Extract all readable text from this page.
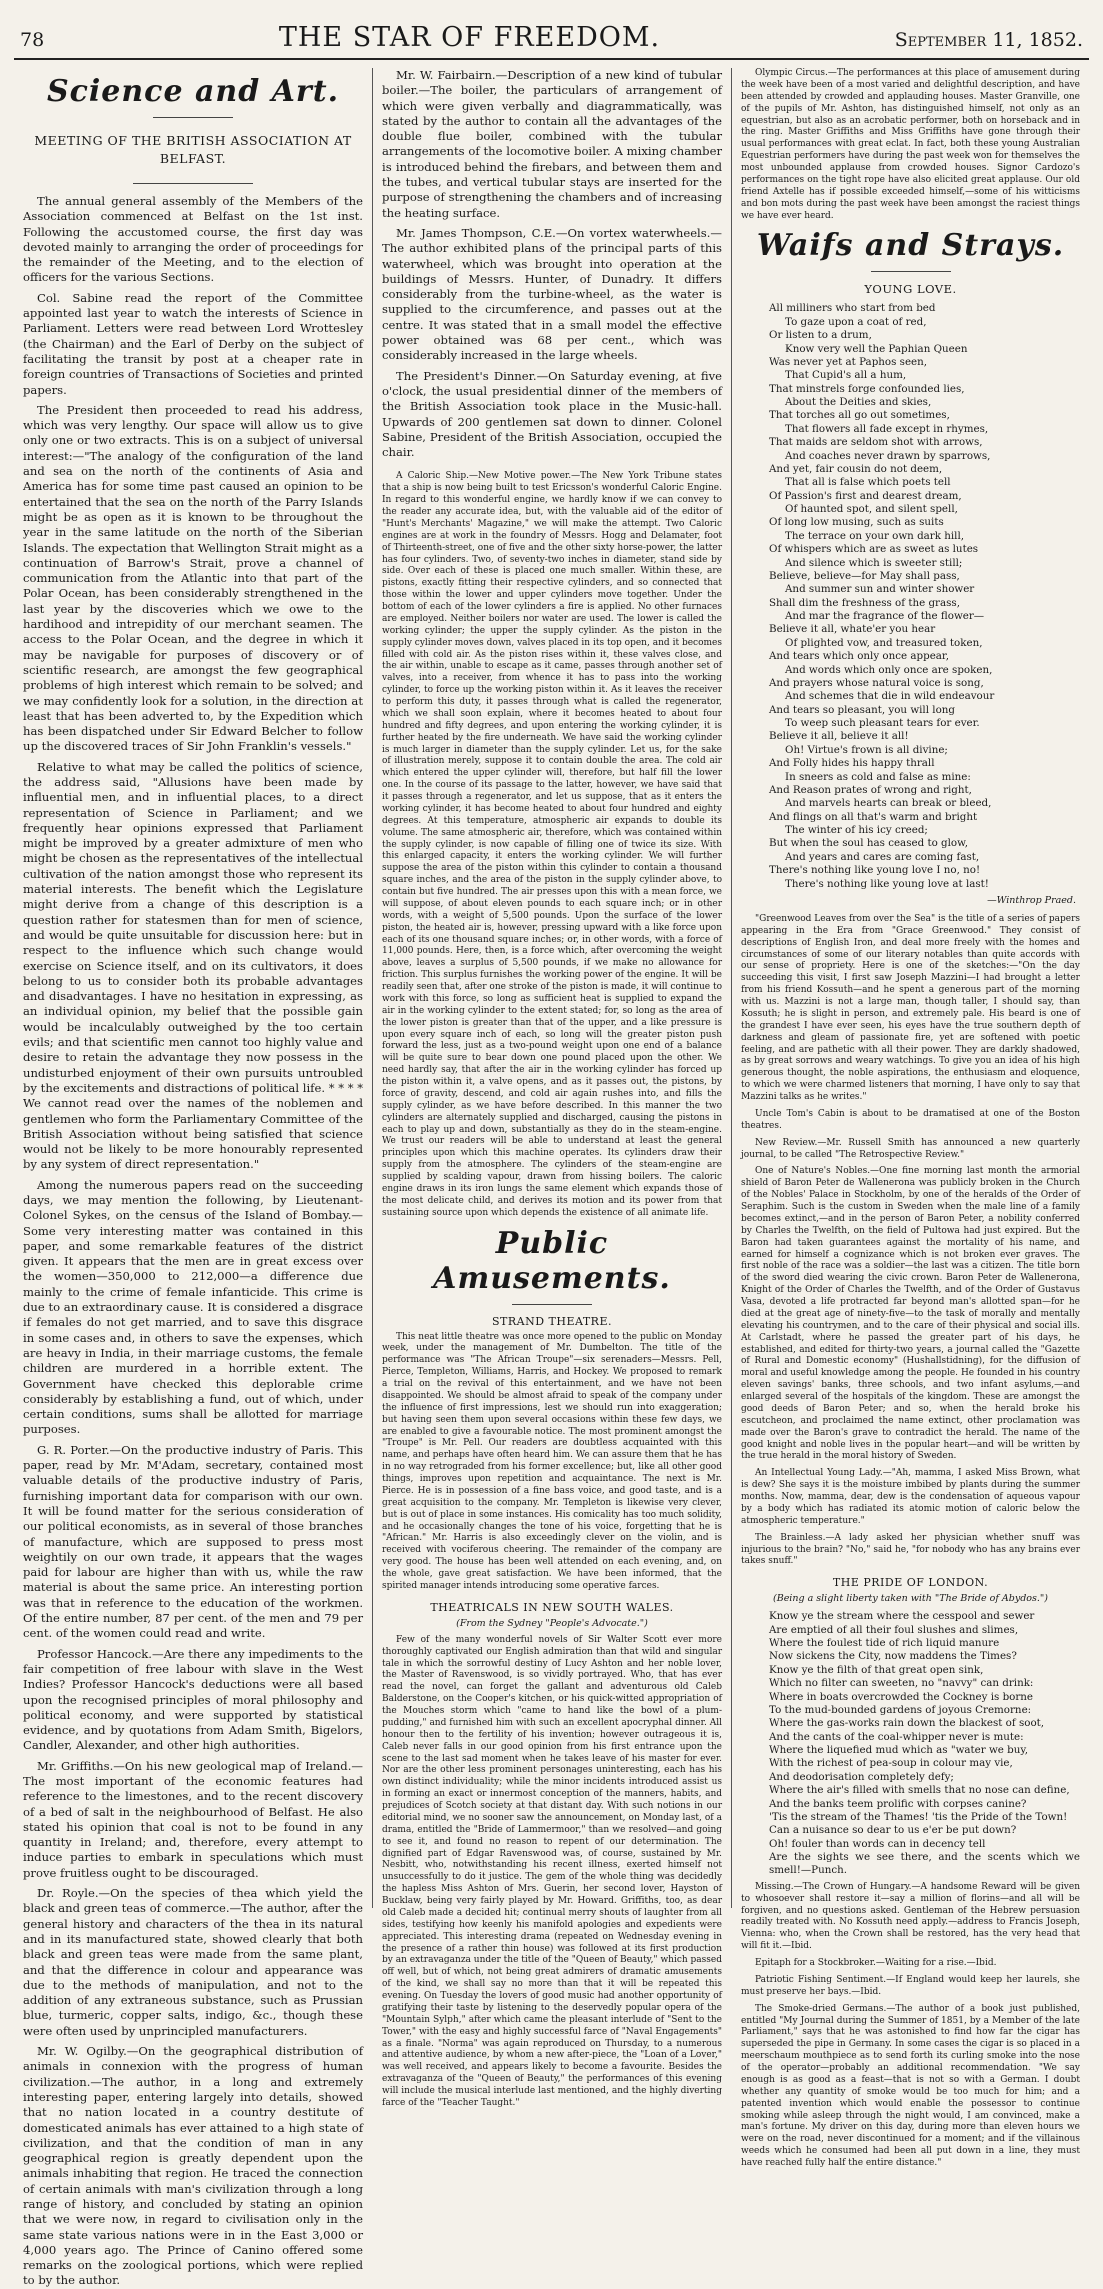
78	THE STAR OF FREEDOM.	September 11, 1852.
Science and Art.
MEETING OF THE BRITISH ASSOCIATION AT BELFAST.

The annual general assembly of the Members of the Association commenced at Belfast on the 1st inst. Following the accustomed course, the first day was devoted mainly to arranging the order of proceedings for the remainder of the Meeting, and to the election of officers for the various Sections.

Col. Sabine read the report of the Committee appointed last year to watch the interests of Science in Parliament. Letters were read between Lord Wrottesley (the Chairman) and the Earl of Derby on the subject of facilitating the transit by post at a cheaper rate in foreign countries of Transactions of Societies and printed papers.

The President then proceeded to read his address, which was very lengthy. Our space will allow us to give only one or two extracts. This is on a subject of universal interest:—"The analogy of the configuration of the land and sea on the north of the continents of Asia and America has for some time past caused an opinion to be entertained that the sea on the north of the Parry Islands might be as open as it is known to be throughout the year in the same latitude on the north of the Siberian Islands. The expectation that Wellington Strait might as a continuation of Barrow's Strait, prove a channel of communication from the Atlantic into that part of the Polar Ocean, has been considerably strengthened in the last year by the discoveries which we owe to the hardihood and intrepidity of our merchant seamen. The access to the Polar Ocean, and the degree in which it may be navigable for purposes of discovery or of scientific research, are amongst the few geographical problems of high interest which remain to be solved; and we may confidently look for a solution, in the direction at least that has been adverted to, by the Expedition which has been dispatched under Sir Edward Belcher to follow up the discovered traces of Sir John Franklin's vessels."

Relative to what may be called the politics of science, the address said, "Allusions have been made by influential men, and in influential places, to a direct representation of Science in Parliament; and we frequently hear opinions expressed that Parliament might be improved by a greater admixture of men who might be chosen as the representatives of the intellectual cultivation of the nation amongst those who represent its material interests. The benefit which the Legislature might derive from a change of this description is a question rather for statesmen than for men of science, and would be quite unsuitable for discussion here: but in respect to the influence which such change would exercise on Science itself, and on its cultivators, it does belong to us to consider both its probable advantages and disadvantages. I have no hesitation in expressing, as an individual opinion, my belief that the possible gain would be incalculably outweighed by the too certain evils; and that scientific men cannot too highly value and desire to retain the advantage they now possess in the undisturbed enjoyment of their own pursuits untroubled by the excitements and distractions of political life. * * * * We cannot read over the names of the noblemen and gentlemen who form the Parliamentary Committee of the British Association without being satisfied that science would not be likely to be more honourably represented by any system of direct representation."

Among the numerous papers read on the succeeding days, we may mention the following, by Lieutenant-Colonel Sykes, on the census of the Island of Bombay.—Some very interesting matter was contained in this paper, and some remarkable features of the district given. It appears that the men are in great excess over the women—350,000 to 212,000—a difference due mainly to the crime of female infanticide. This crime is due to an extraordinary cause. It is considered a disgrace if females do not get married, and to save this disgrace in some cases and, in others to save the expenses, which are heavy in India, in their marriage customs, the female children are murdered in a horrible extent. The Government have checked this deplorable crime considerably by establishing a fund, out of which, under certain conditions, sums shall be allotted for marriage purposes.

G. R. Porter.—On the productive industry of Paris. This paper, read by Mr. M'Adam, secretary, contained most valuable details of the productive industry of Paris, furnishing important data for comparison with our own. It will be found matter for the serious consideration of our political economists, as in several of those branches of manufacture, which are supposed to press most weightily on our own trade, it appears that the wages paid for labour are higher than with us, while the raw material is about the same price. An interesting portion was that in reference to the education of the workmen. Of the entire number, 87 per cent. of the men and 79 per cent. of the women could read and write.

Professor Hancock.—Are there any impediments to the fair competition of free labour with slave in the West Indies? Professor Hancock's deductions were all based upon the recognised principles of moral philosophy and political economy, and were supported by statistical evidence, and by quotations from Adam Smith, Bigelors, Candler, Alexander, and other high authorities.

Mr. Griffiths.—On his new geological map of Ireland.—The most important of the economic features had reference to the limestones, and to the recent discovery of a bed of salt in the neighbourhood of Belfast. He also stated his opinion that coal is not to be found in any quantity in Ireland; and, therefore, every attempt to induce parties to embark in speculations which must prove fruitless ought to be discouraged.

Dr. Royle.—On the species of thea which yield the black and green teas of commerce.—The author, after the general history and characters of the thea in its natural and in its manufactured state, showed clearly that both black and green teas were made from the same plant, and that the difference in colour and appearance was due to the methods of manipulation, and not to the addition of any extraneous substance, such as Prussian blue, turmeric, copper salts, indigo, &c., though these were often used by unprincipled manufacturers.

Mr. W. Ogilby.—On the geographical distribution of animals in connexion with the progress of human civilization.—The author, in a long and extremely interesting paper, entering largely into details, showed that no nation located in a country destitute of domesticated animals has ever attained to a high state of civilization, and that the condition of man in any geographical region is greatly dependent upon the animals inhabiting that region. He traced the connection of certain animals with man's civilization through a long range of history, and concluded by stating an opinion that we were now, in regard to civilisation only in the same state various nations were in in the East 3,000 or 4,000 years ago. The Prince of Canino offered some remarks on the zoological portions, which were replied to by the author.

Mr. W. Fairbairn.—Description of a new kind of tubular boiler.—The boiler, the particulars of arrangement of which were given verbally and diagrammatically, was stated by the author to contain all the advantages of the double flue boiler, combined with the tubular arrangements of the locomotive boiler. A mixing chamber is introduced behind the firebars, and between them and the tubes, and vertical tubular stays are inserted for the purpose of strengthening the chambers and of increasing the heating surface.

Mr. James Thompson, C.E.—On vortex waterwheels.—The author exhibited plans of the principal parts of this waterwheel, which was brought into operation at the buildings of Messrs. Hunter, of Dunadry. It differs considerably from the turbine-wheel, as the water is supplied to the circumference, and passes out at the centre. It was stated that in a small model the effective power obtained was 68 per cent., which was considerably increased in the large wheels.

The President's Dinner.—On Saturday evening, at five o'clock, the usual presidential dinner of the members of the British Association took place in the Music-hall. Upwards of 200 gentlemen sat down to dinner. Colonel Sabine, President of the British Association, occupied the chair.

A Caloric Ship.—New Motive power.—The New York Tribune states that a ship is now being built to test Ericsson's wonderful Caloric Engine. In regard to this wonderful engine, we hardly know if we can convey to the reader any accurate idea, but, with the valuable aid of the editor of "Hunt's Merchants' Magazine," we will make the attempt. Two Caloric engines are at work in the foundry of Messrs. Hogg and Delamater, foot of Thirteenth-street, one of five and the other sixty horse-power, the latter has four cylinders. Two, of seventy-two inches in diameter, stand side by side. Over each of these is placed one much smaller. Within these, are pistons, exactly fitting their respective cylinders, and so connected that those within the lower and upper cylinders move together. Under the bottom of each of the lower cylinders a fire is applied. No other furnaces are employed. Neither boilers nor water are used. The lower is called the working cylinder; the upper the supply cylinder. As the piston in the supply cylinder moves down, valves placed in its top open, and it becomes filled with cold air. As the piston rises within it, these valves close, and the air within, unable to escape as it came, passes through another set of valves, into a receiver, from whence it has to pass into the working cylinder, to force up the working piston within it. As it leaves the receiver to perform this duty, it passes through what is called the regenerator, which we shall soon explain, where it becomes heated to about four hundred and fifty degrees, and upon entering the working cylinder, it is further heated by the fire underneath. We have said the working cylinder is much larger in diameter than the supply cylinder. Let us, for the sake of illustration merely, suppose it to contain double the area. The cold air which entered the upper cylinder will, therefore, but half fill the lower one. In the course of its passage to the latter, however, we have said that it passes through a regenerator, and let us suppose, that as it enters the working cylinder, it has become heated to about four hundred and eighty degrees. At this temperature, atmospheric air expands to double its volume. The same atmospheric air, therefore, which was contained within the supply cylinder, is now capable of filling one of twice its size. With this enlarged capacity, it enters the working cylinder. We will further suppose the area of the piston within this cylinder to contain a thousand square inches, and the area of the piston in the supply cylinder above, to contain but five hundred. The air presses upon this with a mean force, we will suppose, of about eleven pounds to each square inch; or in other words, with a weight of 5,500 pounds. Upon the surface of the lower piston, the heated air is, however, pressing upward with a like force upon each of its one thousand square inches; or, in other words, with a force of 11,000 pounds. Here, then, is a force which, after overcoming the weight above, leaves a surplus of 5,500 pounds, if we make no allowance for friction. This surplus furnishes the working power of the engine. It will be readily seen that, after one stroke of the piston is made, it will continue to work with this force, so long as sufficient heat is supplied to expand the air in the working cylinder to the extent stated; for, so long as the area of the lower piston is greater than that of the upper, and a like pressure is upon every square inch of each, so long will the greater piston push forward the less, just as a two-pound weight upon one end of a balance will be quite sure to bear down one pound placed upon the other. We need hardly say, that after the air in the working cylinder has forced up the piston within it, a valve opens, and as it passes out, the pistons, by force of gravity, descend, and cold air again rushes into, and fills the supply cylinder, as we have before described. In this manner the two cylinders are alternately supplied and discharged, causing the pistons in each to play up and down, substantially as they do in the steam-engine. We trust our readers will be able to understand at least the general principles upon which this machine operates. Its cylinders draw their supply from the atmosphere. The cylinders of the steam-engine are supplied by scalding vapour, drawn from hissing boilers. The caloric engine draws in its iron lungs the same element which expands those of the most delicate child, and derives its motion and its power from that sustaining source upon which depends the existence of all animate life.

Public Amusements.
STRAND THEATRE.

This neat little theatre was once more opened to the public on Monday week, under the management of Mr. Dumbelton. The title of the performance was "The African Troupe"—six serenaders—Messrs. Pell, Pierce, Templeton, Williams, Harris, and Hockey. We proposed to remark a trial on the revival of this entertainment, and we have not been disappointed. We should be almost afraid to speak of the company under the influence of first impressions, lest we should run into exaggeration; but having seen them upon several occasions within these few days, we are enabled to give a favourable notice. The most prominent amongst the "Troupe" is Mr. Pell. Our readers are doubtless acquainted with this name, and perhaps have often heard him. We can assure them that he has in no way retrograded from his former excellence; but, like all other good things, improves upon repetition and acquaintance. The next is Mr. Pierce. He is in possession of a fine bass voice, and good taste, and is a great acquisition to the company. Mr. Templeton is likewise very clever, but is out of place in some instances. His comicality has too much solidity, and he occasionally changes the tone of his voice, forgetting that he is "African." Mr. Harris is also exceedingly clever on the violin, and is received with vociferous cheering. The remainder of the company are very good. The house has been well attended on each evening, and, on the whole, gave great satisfaction. We have been informed, that the spirited manager intends introducing some operative farces.

THEATRICALS IN NEW SOUTH WALES.
(From the Sydney "People's Advocate.")

Few of the many wonderful novels of Sir Walter Scott ever more thoroughly captivated our English admiration than that wild and singular tale in which the sorrowful destiny of Lucy Ashton and her noble lover, the Master of Ravenswood, is so vividly portrayed. Who, that has ever read the novel, can forget the gallant and adventurous old Caleb Balderstone, on the Cooper's kitchen, or his quick-witted appropriation of the Mouches storm which "came to hand like the bowl of a plum-pudding," and furnished him with such an excellent apocryphal dinner. All honour then to the fertility of his invention; however outrageous it is, Caleb never falls in our good opinion from his first entrance upon the scene to the last sad moment when he takes leave of his master for ever. Nor are the other less prominent personages uninteresting, each has his own distinct individuality; while the minor incidents introduced assist us in forming an exact or innermost conception of the manners, habits, and prejudices of Scotch society at that distant day. With such notions in our editorial mind, we no sooner saw the announcement, on Monday last, of a drama, entitled the "Bride of Lammermoor," than we resolved—and going to see it, and found no reason to repent of our determination. The dignified part of Edgar Ravenswood was, of course, sustained by Mr. Nesbitt, who, notwithstanding his recent illness, exerted himself not unsuccessfully to do it justice. The gem of the whole thing was decidedly the hapless Miss Ashton of Mrs. Guerin, her second lover, Hayston of Bucklaw, being very fairly played by Mr. Howard. Griffiths, too, as dear old Caleb made a decided hit; continual merry shouts of laughter from all sides, testifying how keenly his manifold apologies and expedients were appreciated. This interesting drama (repeated on Wednesday evening in the presence of a rather thin house) was followed at its first production by an extravaganza under the title of the "Queen of Beauty," which passed off well, but of which, not being great admirers of dramatic amusements of the kind, we shall say no more than that it will be repeated this evening. On Tuesday the lovers of good music had another opportunity of gratifying their taste by listening to the deservedly popular opera of the "Mountain Sylph," after which came the pleasant interlude of "Sent to the Tower," with the easy and highly successful farce of "Naval Engagements" as a finale. "Norma" was again reproduced on Thursday, to a numerous and attentive audience, by whom a new after-piece, the "Loan of a Lover," was well received, and appears likely to become a favourite. Besides the extravaganza of the "Queen of Beauty," the performances of this evening will include the musical interlude last mentioned, and the highly diverting farce of the "Teacher Taught."

Olympic Circus.—The performances at this place of amusement during the week have been of a most varied and delightful description, and have been attended by crowded and applauding houses. Master Granville, one of the pupils of Mr. Ashton, has distinguished himself, not only as an equestrian, but also as an acrobatic performer, both on horseback and in the ring. Master Griffiths and Miss Griffiths have gone through their usual performances with great eclat. In fact, both these young Australian Equestrian performers have during the past week won for themselves the most unbounded applause from crowded houses. Signor Cardozo's performances on the tight rope have also elicited great applause. Our old friend Axtelle has if possible exceeded himself,—some of his witticisms and bon mots during the past week have been amongst the raciest things we have ever heard.

Waifs and Strays.
YOUNG LOVE.
All milliners who start from bed
To gaze upon a coat of red,
Or listen to a drum,
Know very well the Paphian Queen
Was never yet at Paphos seen,
That Cupid's all a hum,
That minstrels forge confounded lies,
About the Deities and skies,
That torches all go out sometimes,
That flowers all fade except in rhymes,
That maids are seldom shot with arrows,
And coaches never drawn by sparrows,
And yet, fair cousin do not deem,
That all is false which poets tell
Of Passion's first and dearest dream,
Of haunted spot, and silent spell,
Of long low musing, such as suits
The terrace on your own dark hill,
Of whispers which are as sweet as lutes
And silence which is sweeter still;
Believe, believe—for May shall pass,
And summer sun and winter shower
Shall dim the freshness of the grass,
And mar the fragrance of the flower—
Believe it all, whate'er you hear
Of plighted vow, and treasured token,
And tears which only once appear,
And words which only once are spoken,
And prayers whose natural voice is song,
And schemes that die in wild endeavour
And tears so pleasant, you will long
To weep such pleasant tears for ever.
Believe it all, believe it all!
Oh! Virtue's frown is all divine;
And Folly hides his happy thrall
In sneers as cold and false as mine:
And Reason prates of wrong and right,
And marvels hearts can break or bleed,
And flings on all that's warm and bright
The winter of his icy creed;
But when the soul has ceased to glow,
And years and cares are coming fast,
There's nothing like young love I no, no!
There's nothing like young love at last!
—Winthrop Praed.

"Greenwood Leaves from over the Sea" is the title of a series of papers appearing in the Era from "Grace Greenwood." They consist of descriptions of English Iron, and deal more freely with the homes and circumstances of some of our literary notables than quite accords with our sense of propriety. Here is one of the sketches:—"On the day succeeding this visit, I first saw Joseph Mazzini—I had brought a letter from his friend Kossuth—and he spent a generous part of the morning with us. Mazzini is not a large man, though taller, I should say, than Kossuth; he is slight in person, and extremely pale. His beard is one of the grandest I have ever seen, his eyes have the true southern depth of darkness and gleam of passionate fire, yet are softened with poetic feeling, and are pathetic with all their power. They are darkly shadowed, as by great sorrows and weary watchings. To give you an idea of his high generous thought, the noble aspirations, the enthusiasm and eloquence, to which we were charmed listeners that morning, I have only to say that Mazzini talks as he writes."

Uncle Tom's Cabin is about to be dramatised at one of the Boston theatres.

New Review.—Mr. Russell Smith has announced a new quarterly journal, to be called "The Retrospective Review."

One of Nature's Nobles.—One fine morning last month the armorial shield of Baron Peter de Wallenerona was publicly broken in the Church of the Nobles' Palace in Stockholm, by one of the heralds of the Order of Seraphim. Such is the custom in Sweden when the male line of a family becomes extinct,—and in the person of Baron Peter, a nobility conferred by Charles the Twelfth, on the field of Pultowa had just expired. But the Baron had taken guarantees against the mortality of his name, and earned for himself a cognizance which is not broken ever graves. The first noble of the race was a soldier—the last was a citizen. The title born of the sword died wearing the civic crown. Baron Peter de Wallenerona, Knight of the Order of Charles the Twelfth, and of the Order of Gustavus Vasa, devoted a life protracted far beyond man's allotted span—for he died at the great age of ninety-five—to the task of morally and mentally elevating his countrymen, and to the care of their physical and social ills. At Carlstadt, where he passed the greater part of his days, he established, and edited for thirty-two years, a journal called the "Gazette of Rural and Domestic economy" (Hushallstidning), for the diffusion of moral and useful knowledge among the people. He founded in his country eleven savings' banks, three schools, and two infant asylums,—and enlarged several of the hospitals of the kingdom. These are amongst the good deeds of Baron Peter; and so, when the herald broke his escutcheon, and proclaimed the name extinct, other proclamation was made over the Baron's grave to contradict the herald. The name of the good knight and noble lives in the popular heart—and will be written by the true herald in the moral history of Sweden.

An Intellectual Young Lady.—"Ah, mamma, I asked Miss Brown, what is dew? She says it is the moisture imbibed by plants during the summer months. Now, mamma, dear, dew is the condensation of aqueous vapour by a body which has radiated its atomic motion of caloric below the atmospheric temperature."

The Brainless.—A lady asked her physician whether snuff was injurious to the brain? "No," said he, "for nobody who has any brains ever takes snuff."

THE PRIDE OF LONDON.
(Being a slight liberty taken with "The Bride of Abydos.")
Know ye the stream where the cesspool and sewer
Are emptied of all their foul slushes and slimes,
Where the foulest tide of rich liquid manure
Now sickens the City, now maddens the Times?
Know ye the filth of that great open sink,
Which no filter can sweeten, no "navvy" can drink:
Where in boats overcrowded the Cockney is borne
To the mud-bounded gardens of joyous Cremorne:
Where the gas-works rain down the blackest of soot,
And the cants of the coal-whipper never is mute:
Where the liquefied mud which as "water we buy,
With the richest of pea-soup in colour may vie,
And deodorisation completely defy;
Where the air's filled with smells that no nose can define,
And the banks teem prolific with corpses canine?
'Tis the stream of the Thames! 'tis the Pride of the Town!
Can a nuisance so dear to us e'er be put down?
Oh! fouler than words can in decency tell
Are the sights we see there, and the scents which we smell!—Punch.

Missing.—The Crown of Hungary.—A handsome Reward will be given to whosoever shall restore it—say a million of florins—and all will be forgiven, and no questions asked. Gentleman of the Hebrew persuasion readily treated with. No Kossuth need apply.—address to Francis Joseph, Vienna: who, when the Crown shall be restored, has the very head that will fit it.—Ibid.

Epitaph for a Stockbroker.—Waiting for a rise.—Ibid.

Patriotic Fishing Sentiment.—If England would keep her laurels, she must preserve her bays.—Ibid.

The Smoke-dried Germans.—The author of a book just published, entitled "My Journal during the Summer of 1851, by a Member of the late Parliament," says that he was astonished to find how far the cigar has superseded the pipe in Germany. In some cases the cigar is so placed in a meerschaum mouthpiece as to send forth its curling smoke into the nose of the operator—probably an additional recommendation. "We say enough is as good as a feast—that is not so with a German. I doubt whether any quantity of smoke would be too much for him; and a patented invention which would enable the possessor to continue smoking while asleep through the night would, I am convinced, make a man's fortune. My driver on this day, during more than eleven hours we were on the road, never discontinued for a moment; and if the villainous weeds which he consumed had been all put down in a line, they must have reached fully half the entire distance."
